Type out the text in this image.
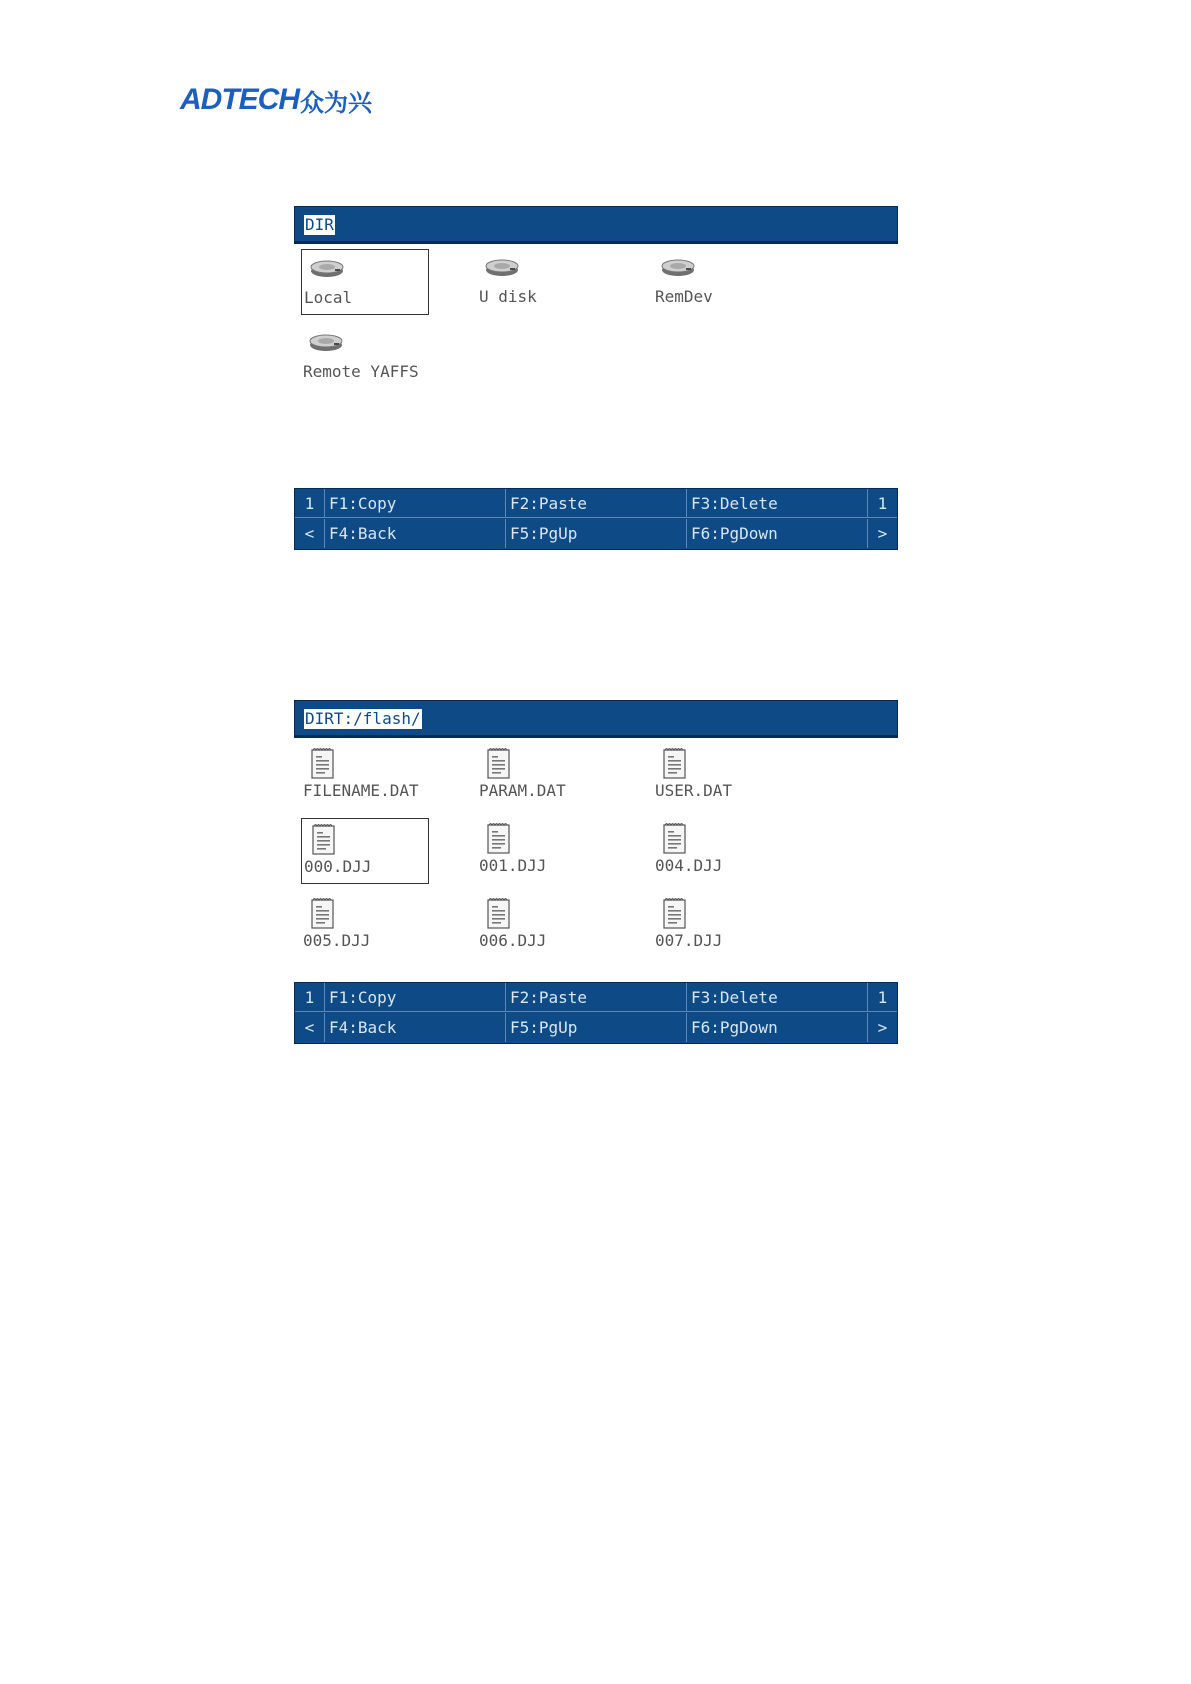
ADTECH 众为兴
DIR
Local	U disk	RemDev
Remote YAFFS
1 F1:Copy	F2:Paste	F3:Delete	1
< F4:Back	F5:PgUp	F6:PgDown	>
DIRT:/flash/
FILENAME.DAT	PARAM.DAT	USER.DAT
000.DJJ	001.DJJ	004.DJJ
005.DJJ	006.DJJ	007.DJJ
1 F1:Copy	F2:Paste	F3:Delete	1
< F4:Back	F5:PgUp	F6:PgDown	>
